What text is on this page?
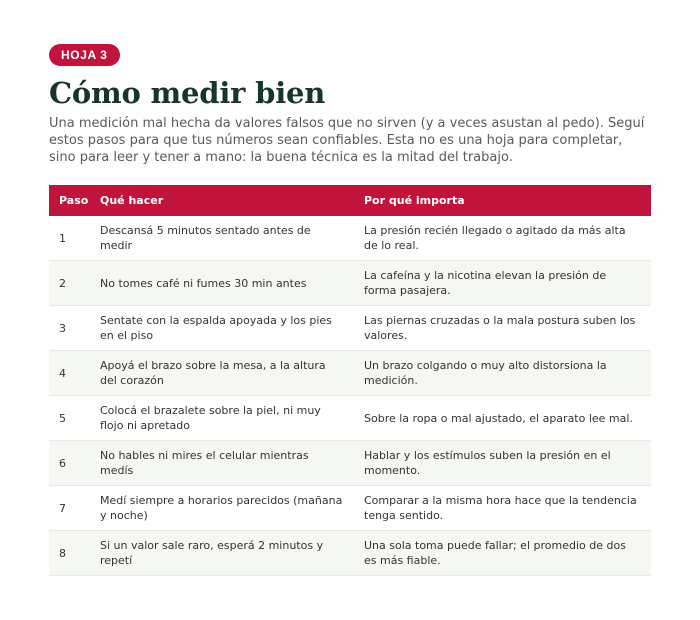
HOJA 3
Cómo medir bien

Una medición mal hecha da valores falsos que no sirven (y a veces asustan al pedo). Seguí estos pasos para que tus números sean confiables. Esta no es una hoja para completar, sino para leer y tener a mano: la buena técnica es la mitad del trabajo.

Paso	Qué hacer	Por qué importa
1	Descansá 5 minutos sentado antes de medir	La presión recién llegado o agitado da más alta de lo real.
2	No tomes café ni fumes 30 min antes	La cafeína y la nicotina elevan la presión de forma pasajera.
3	Sentate con la espalda apoyada y los pies en el piso	Las piernas cruzadas o la mala postura suben los valores.
4	Apoyá el brazo sobre la mesa, a la altura del corazón	Un brazo colgando o muy alto distorsiona la medición.
5	Colocá el brazalete sobre la piel, ni muy flojo ni apretado	Sobre la ropa o mal ajustado, el aparato lee mal.
6	No hables ni mires el celular mientras medís	Hablar y los estímulos suben la presión en el momento.
7	Medí siempre a horarios parecidos (mañana y noche)	Comparar a la misma hora hace que la tendencia tenga sentido.
8	Si un valor sale raro, esperá 2 minutos y repetí	Una sola toma puede fallar; el promedio de dos es más fiable.
